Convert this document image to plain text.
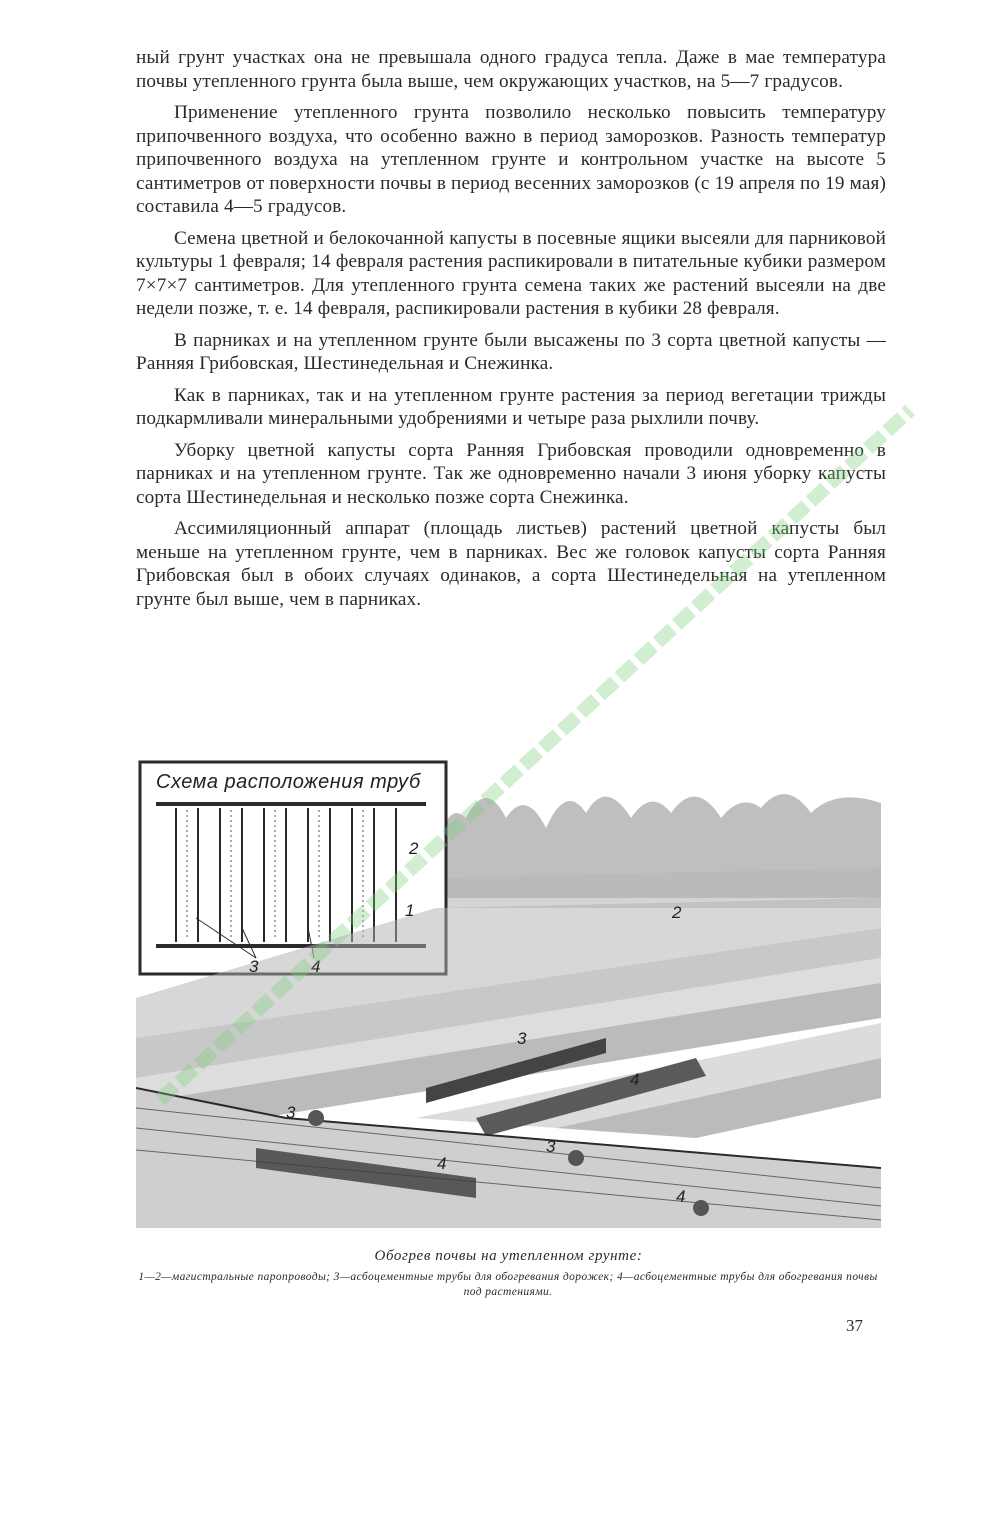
ный грунт участках она не превышала одного градуса тепла. Даже в мае температура почвы утепленного грунта была выше, чем окружающих участков, на 5—7 градусов.

Применение утепленного грунта позволило несколько повысить температуру припочвенного воздуха, что особенно важно в период заморозков. Разность температур припочвенного воздуха на утепленном грунте и контрольном участке на высоте 5 сантиметров от поверхности почвы в период весенних заморозков (с 19 апреля по 19 мая) составила 4—5 градусов.

Семена цветной и белокочанной капусты в посевные ящики высеяли для парниковой культуры 1 февраля; 14 февраля растения распикировали в питательные кубики размером 7×7×7 сантиметров. Для утепленного грунта семена таких же растений высеяли на две недели позже, т. е. 14 февраля, распикировали растения в кубики 28 февраля.

В парниках и на утепленном грунте были высажены по 3 сорта цветной капусты — Ранняя Грибовская, Шестинедельная и Снежинка.

Как в парниках, так и на утепленном грунте растения за период вегетации трижды подкармливали минеральными удобрениями и четыре раза рыхлили почву.

Уборку цветной капусты сорта Ранняя Грибовская проводили одновременно в парниках и на утепленном грунте. Так же одновременно начали 3 июня уборку капусты сорта Шестинедельная и несколько позже сорта Снежинка.

Ассимиляционный аппарат (площадь листьев) растений цветной капусты был меньше на утепленном грунте, чем в парниках. Вес же головок капусты сорта Ранняя Грибовская был в обоих случаях одинаков, а сорта Шестинедельная на утепленном грунте был выше, чем в парниках.

2
1
3	4
2
3
4
3
4
3
4
Схема расположения труб
Обогрев почвы на утепленном грунте:
1—2—магистральные паропроводы; 3—асбоцементные трубы для обогревания дорожек; 4—асбоцементные трубы для обогревания почвы под растениями.
37
